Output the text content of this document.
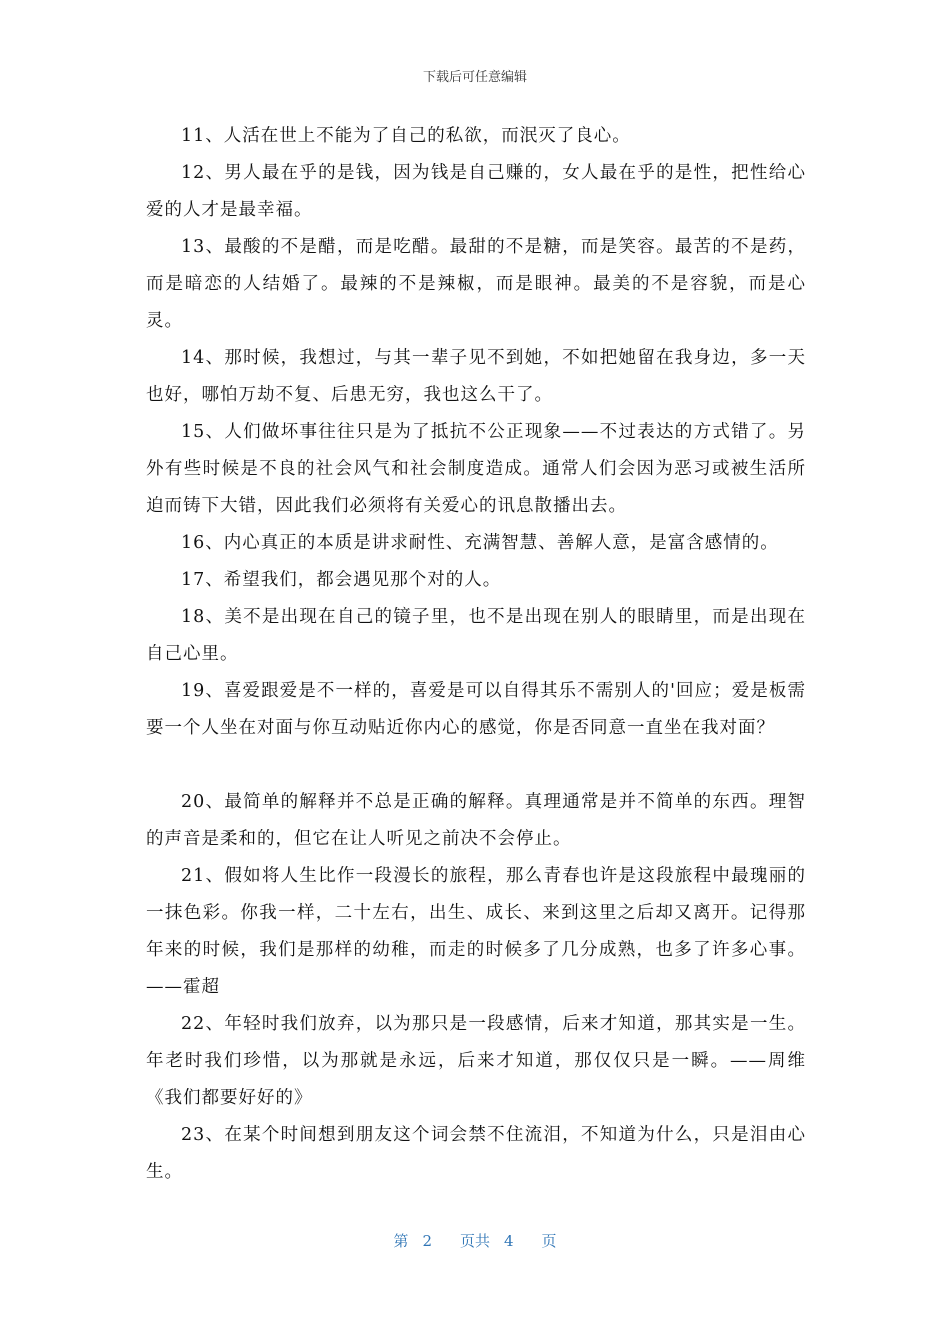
下载后可任意编辑

11、人活在世上不能为了自己的私欲，而泯灭了良心。

12、男人最在乎的是钱，因为钱是自己赚的，女人最在乎的是性，把性给心爱的人才是最幸福。

13、最酸的不是醋，而是吃醋。最甜的不是糖，而是笑容。最苦的不是药，而是暗恋的人结婚了。最辣的不是辣椒，而是眼神。最美的不是容貌，而是心灵。

14、那时候，我想过，与其一辈子见不到她，不如把她留在我身边，多一天也好，哪怕万劫不复、后患无穷，我也这么干了。

15、人们做坏事往往只是为了抵抗不公正现象——不过表达的方式错了。另外有些时候是不良的社会风气和社会制度造成。通常人们会因为恶习或被生活所迫而铸下大错，因此我们必须将有关爱心的讯息散播出去。

16、内心真正的本质是讲求耐性、充满智慧、善解人意，是富含感情的。

17、希望我们，都会遇见那个对的人。

18、美不是出现在自己的镜子里，也不是出现在别人的眼睛里，而是出现在自己心里。

19、喜爱跟爱是不一样的，喜爱是可以自得其乐不需别人的'回应；爱是板需要一个人坐在对面与你互动贴近你内心的感觉，你是否同意一直坐在我对面？

20、最简单的解释并不总是正确的解释。真理通常是并不简单的东西。理智的声音是柔和的，但它在让人听见之前决不会停止。

21、假如将人生比作一段漫长的旅程，那么青春也许是这段旅程中最瑰丽的一抹色彩。你我一样，二十左右，出生、成长、来到这里之后却又离开。记得那年来的时候，我们是那样的幼稚，而走的时候多了几分成熟，也多了许多心事。——霍超

22、年轻时我们放弃，以为那只是一段感情，后来才知道，那其实是一生。年老时我们珍惜，以为那就是永远，后来才知道，那仅仅只是一瞬。——周维《我们都要好好的》

23、在某个时间想到朋友这个词会禁不住流泪，不知道为什么，只是泪由心生。

第 2 页共 4 页
